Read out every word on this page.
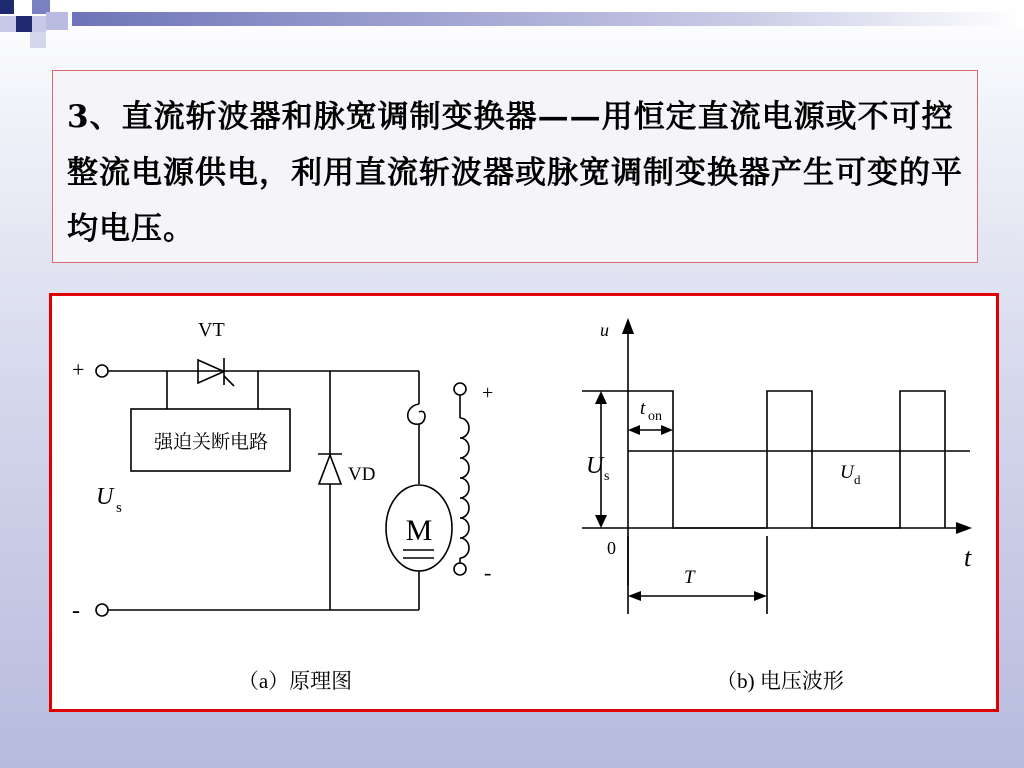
3、直流斩波器和脉宽调制变换器——用恒定直流电源或不可控整流电源供电，利用直流斩波器或脉宽调制变换器产生可变的平均电压。

+
-
VT
强迫关断电路
VD
U s
M
+
-
（a）原理图
u
t
0
t on
U s	U d
T
（b) 电压波形
